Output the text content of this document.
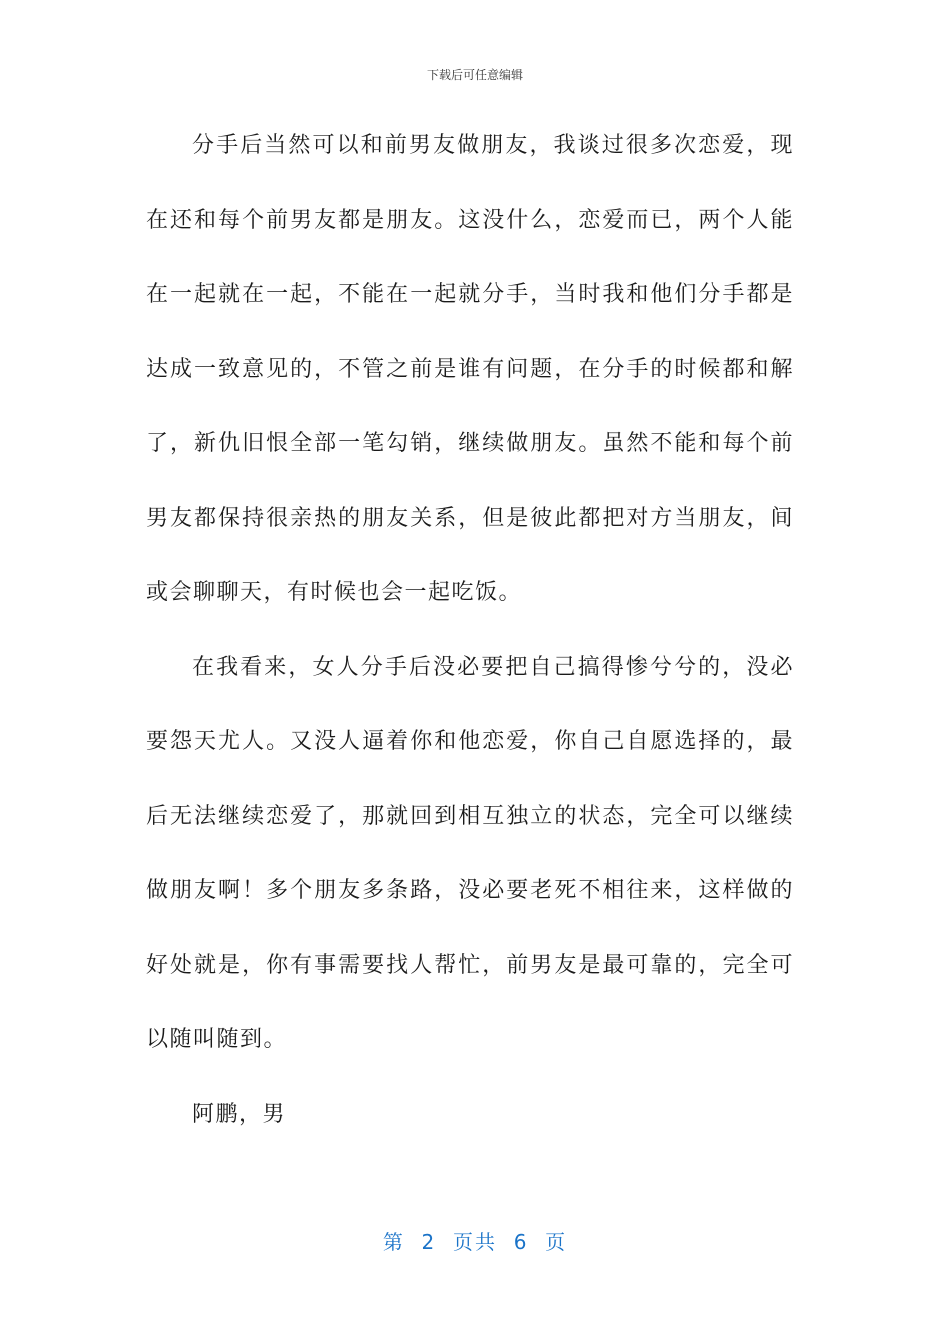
下载后可任意编辑

分手后当然可以和前男友做朋友，我谈过很多次恋爱，现在还和每个前男友都是朋友。这没什么，恋爱而已，两个人能在一起就在一起，不能在一起就分手，当时我和他们分手都是达成一致意见的，不管之前是谁有问题，在分手的时候都和解了，新仇旧恨全部一笔勾销，继续做朋友。虽然不能和每个前男友都保持很亲热的朋友关系，但是彼此都把对方当朋友，间或会聊聊天，有时候也会一起吃饭。

在我看来，女人分手后没必要把自己搞得惨兮兮的，没必要怨天尤人。又没人逼着你和他恋爱，你自己自愿选择的，最后无法继续恋爱了，那就回到相互独立的状态，完全可以继续做朋友啊！多个朋友多条路，没必要老死不相往来，这样做的好处就是，你有事需要找人帮忙，前男友是最可靠的，完全可以随叫随到。

阿鹏，男

第  2  页共  6  页
